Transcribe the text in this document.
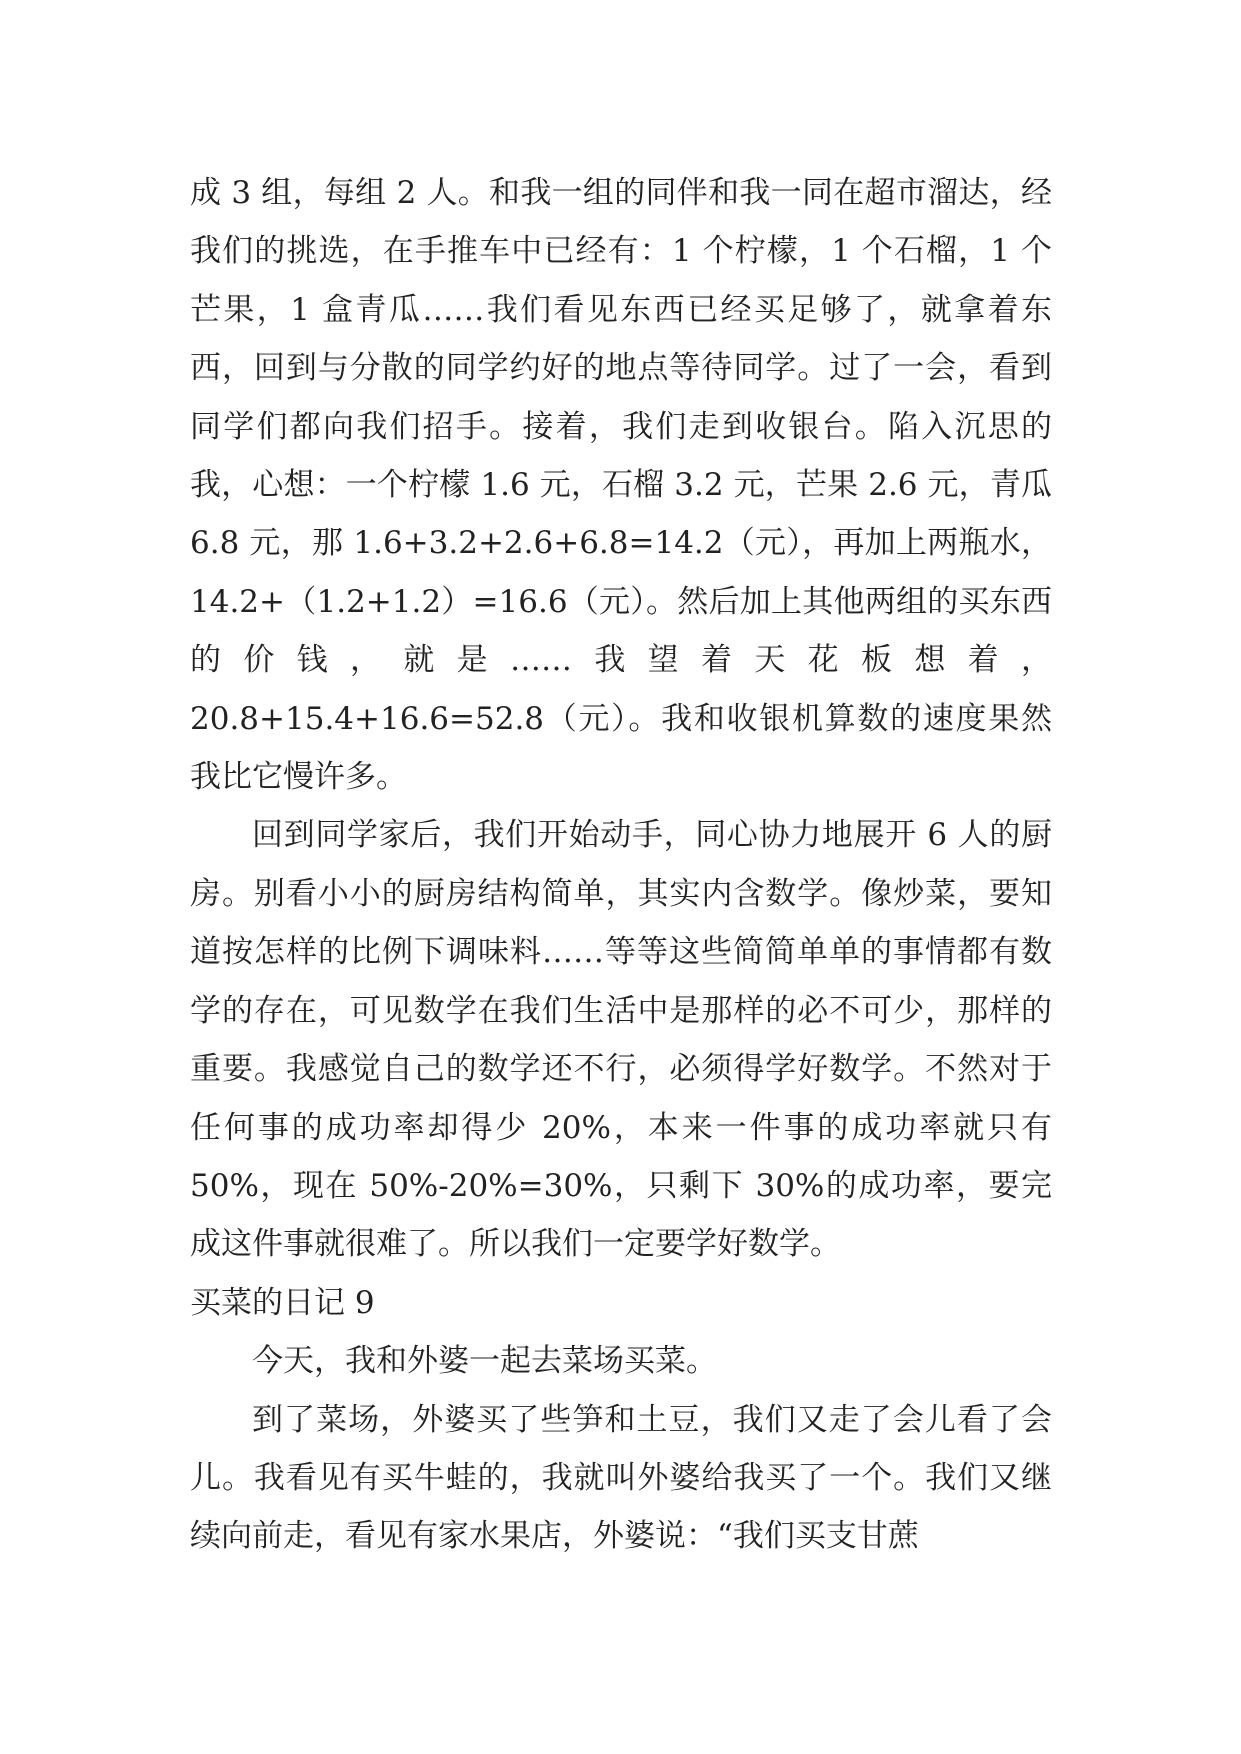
成 3 组，每组 2 人。和我一组的同伴和我一同在超市溜达，经我们的挑选，在手推车中已经有：1 个柠檬，1 个石榴，1 个芒果，1 盒青瓜……我们看见东西已经买足够了，就拿着东西，回到与分散的同学约好的地点等待同学。过了一会，看到同学们都向我们招手。接着，我们走到收银台。陷入沉思的我，心想：一个柠檬 1.6 元，石榴 3.2 元，芒果 2.6 元，青瓜 6.8 元，那 1.6+3.2+2.6+6.8=14.2（元），再加上两瓶水，14.2+（1.2+1.2）=16.6（元）。然后加上其他两组的买东西的价钱，就是……我望着天花板想着，20.8+15.4+16.6=52.8（元）。我和收银机算数的速度果然我比它慢许多。

回到同学家后，我们开始动手，同心协力地展开 6 人的厨房。别看小小的厨房结构简单，其实内含数学。像炒菜，要知道按怎样的比例下调味料……等等这些简简单单的事情都有数学的存在，可见数学在我们生活中是那样的必不可少，那样的重要。我感觉自己的数学还不行，必须得学好数学。不然对于任何事的成功率却得少 20%，本来一件事的成功率就只有 50%，现在 50%-20%=30%，只剩下 30%的成功率，要完成这件事就很难了。所以我们一定要学好数学。

买菜的日记 9

今天，我和外婆一起去菜场买菜。

到了菜场，外婆买了些笋和土豆，我们又走了会儿看了会儿。我看见有买牛蛙的，我就叫外婆给我买了一个。我们又继续向前走，看见有家水果店，外婆说：“我们买支甘蔗
